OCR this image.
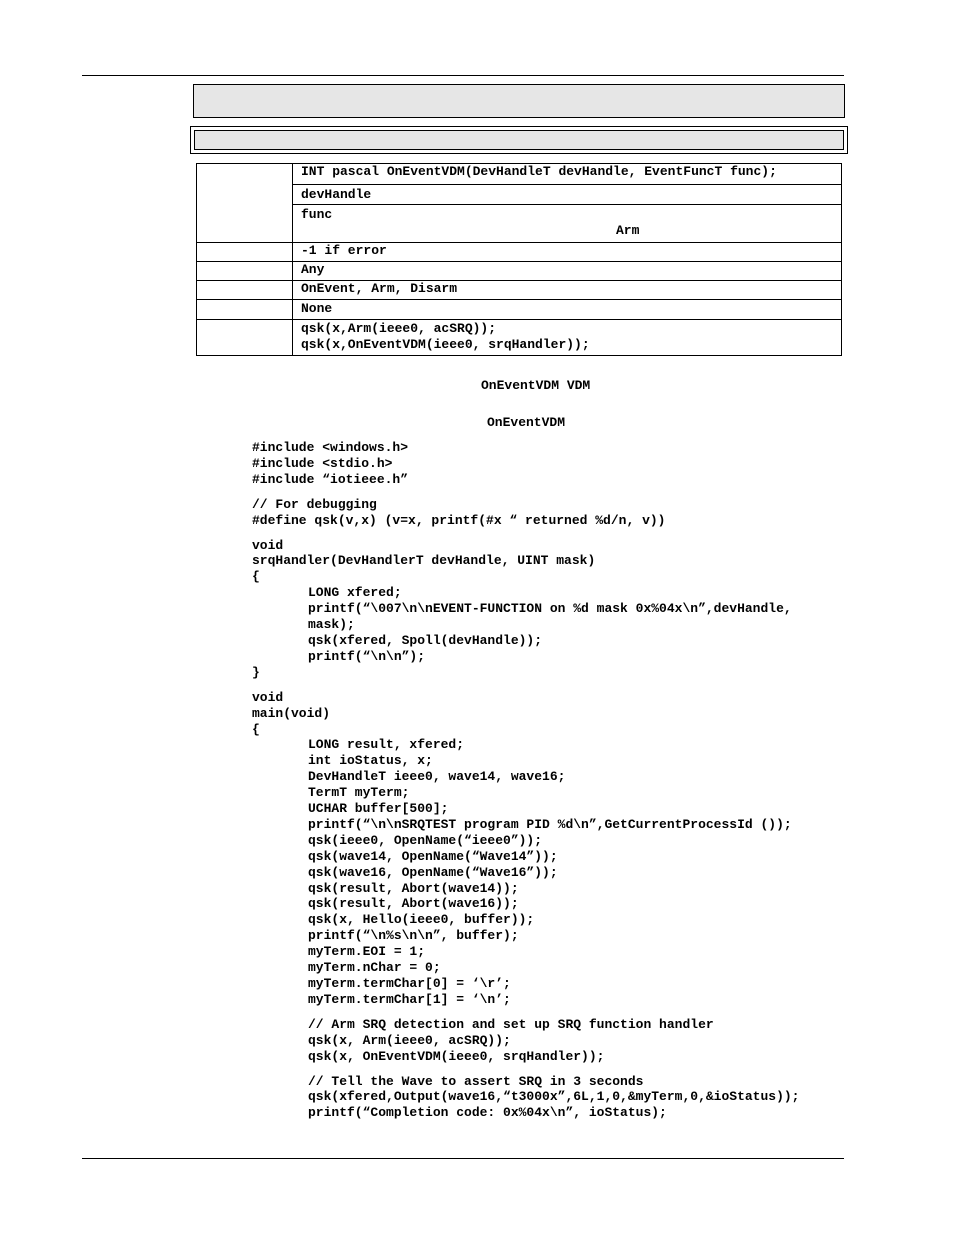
	INT pascal OnEventVDM(DevHandleT devHandle, EventFuncT func);
	devHandle
	func
Arm

	-1 if error
	Any
	OnEvent, Arm, Disarm
	None
	qsk(x,Arm(ieee0, acSRQ));
qsk(x,OnEventVDM(ieee0, srqHandler));
OnEventVDM VDM
OnEventVDM
#include <windows.h>
#include <stdio.h>
#include “iotieee.h”
// For debugging
#define qsk(v,x) (v=x, printf(#x “ returned %d/n, v))
void
srqHandler(DevHandlerT devHandle, UINT mask)
{
LONG xfered;
printf(“\007\n\nEVENT-FUNCTION on %d mask 0x%04x\n”,devHandle,
mask);
qsk(xfered, Spoll(devHandle));
printf(“\n\n”);
}
void
main(void)
{
LONG result, xfered;
int ioStatus, x;
DevHandleT ieee0, wave14, wave16;
TermT myTerm;
UCHAR buffer[500];
printf(“\n\nSRQTEST program PID %d\n”,GetCurrentProcessId ());
qsk(ieee0, OpenName(“ieee0”));
qsk(wave14, OpenName(“Wave14”));
qsk(wave16, OpenName(“Wave16”));
qsk(result, Abort(wave14));
qsk(result, Abort(wave16));
qsk(x, Hello(ieee0, buffer));
printf(“\n%s\n\n”, buffer);
myTerm.EOI = 1;
myTerm.nChar = 0;
myTerm.termChar[0] = ‘\r’;
myTerm.termChar[1] = ‘\n’;
// Arm SRQ detection and set up SRQ function handler
qsk(x, Arm(ieee0, acSRQ));
qsk(x, OnEventVDM(ieee0, srqHandler));
// Tell the Wave to assert SRQ in 3 seconds
qsk(xfered,Output(wave16,“t3000x”,6L,1,0,&myTerm,0,&ioStatus));
printf(“Completion code: 0x%04x\n”, ioStatus);
